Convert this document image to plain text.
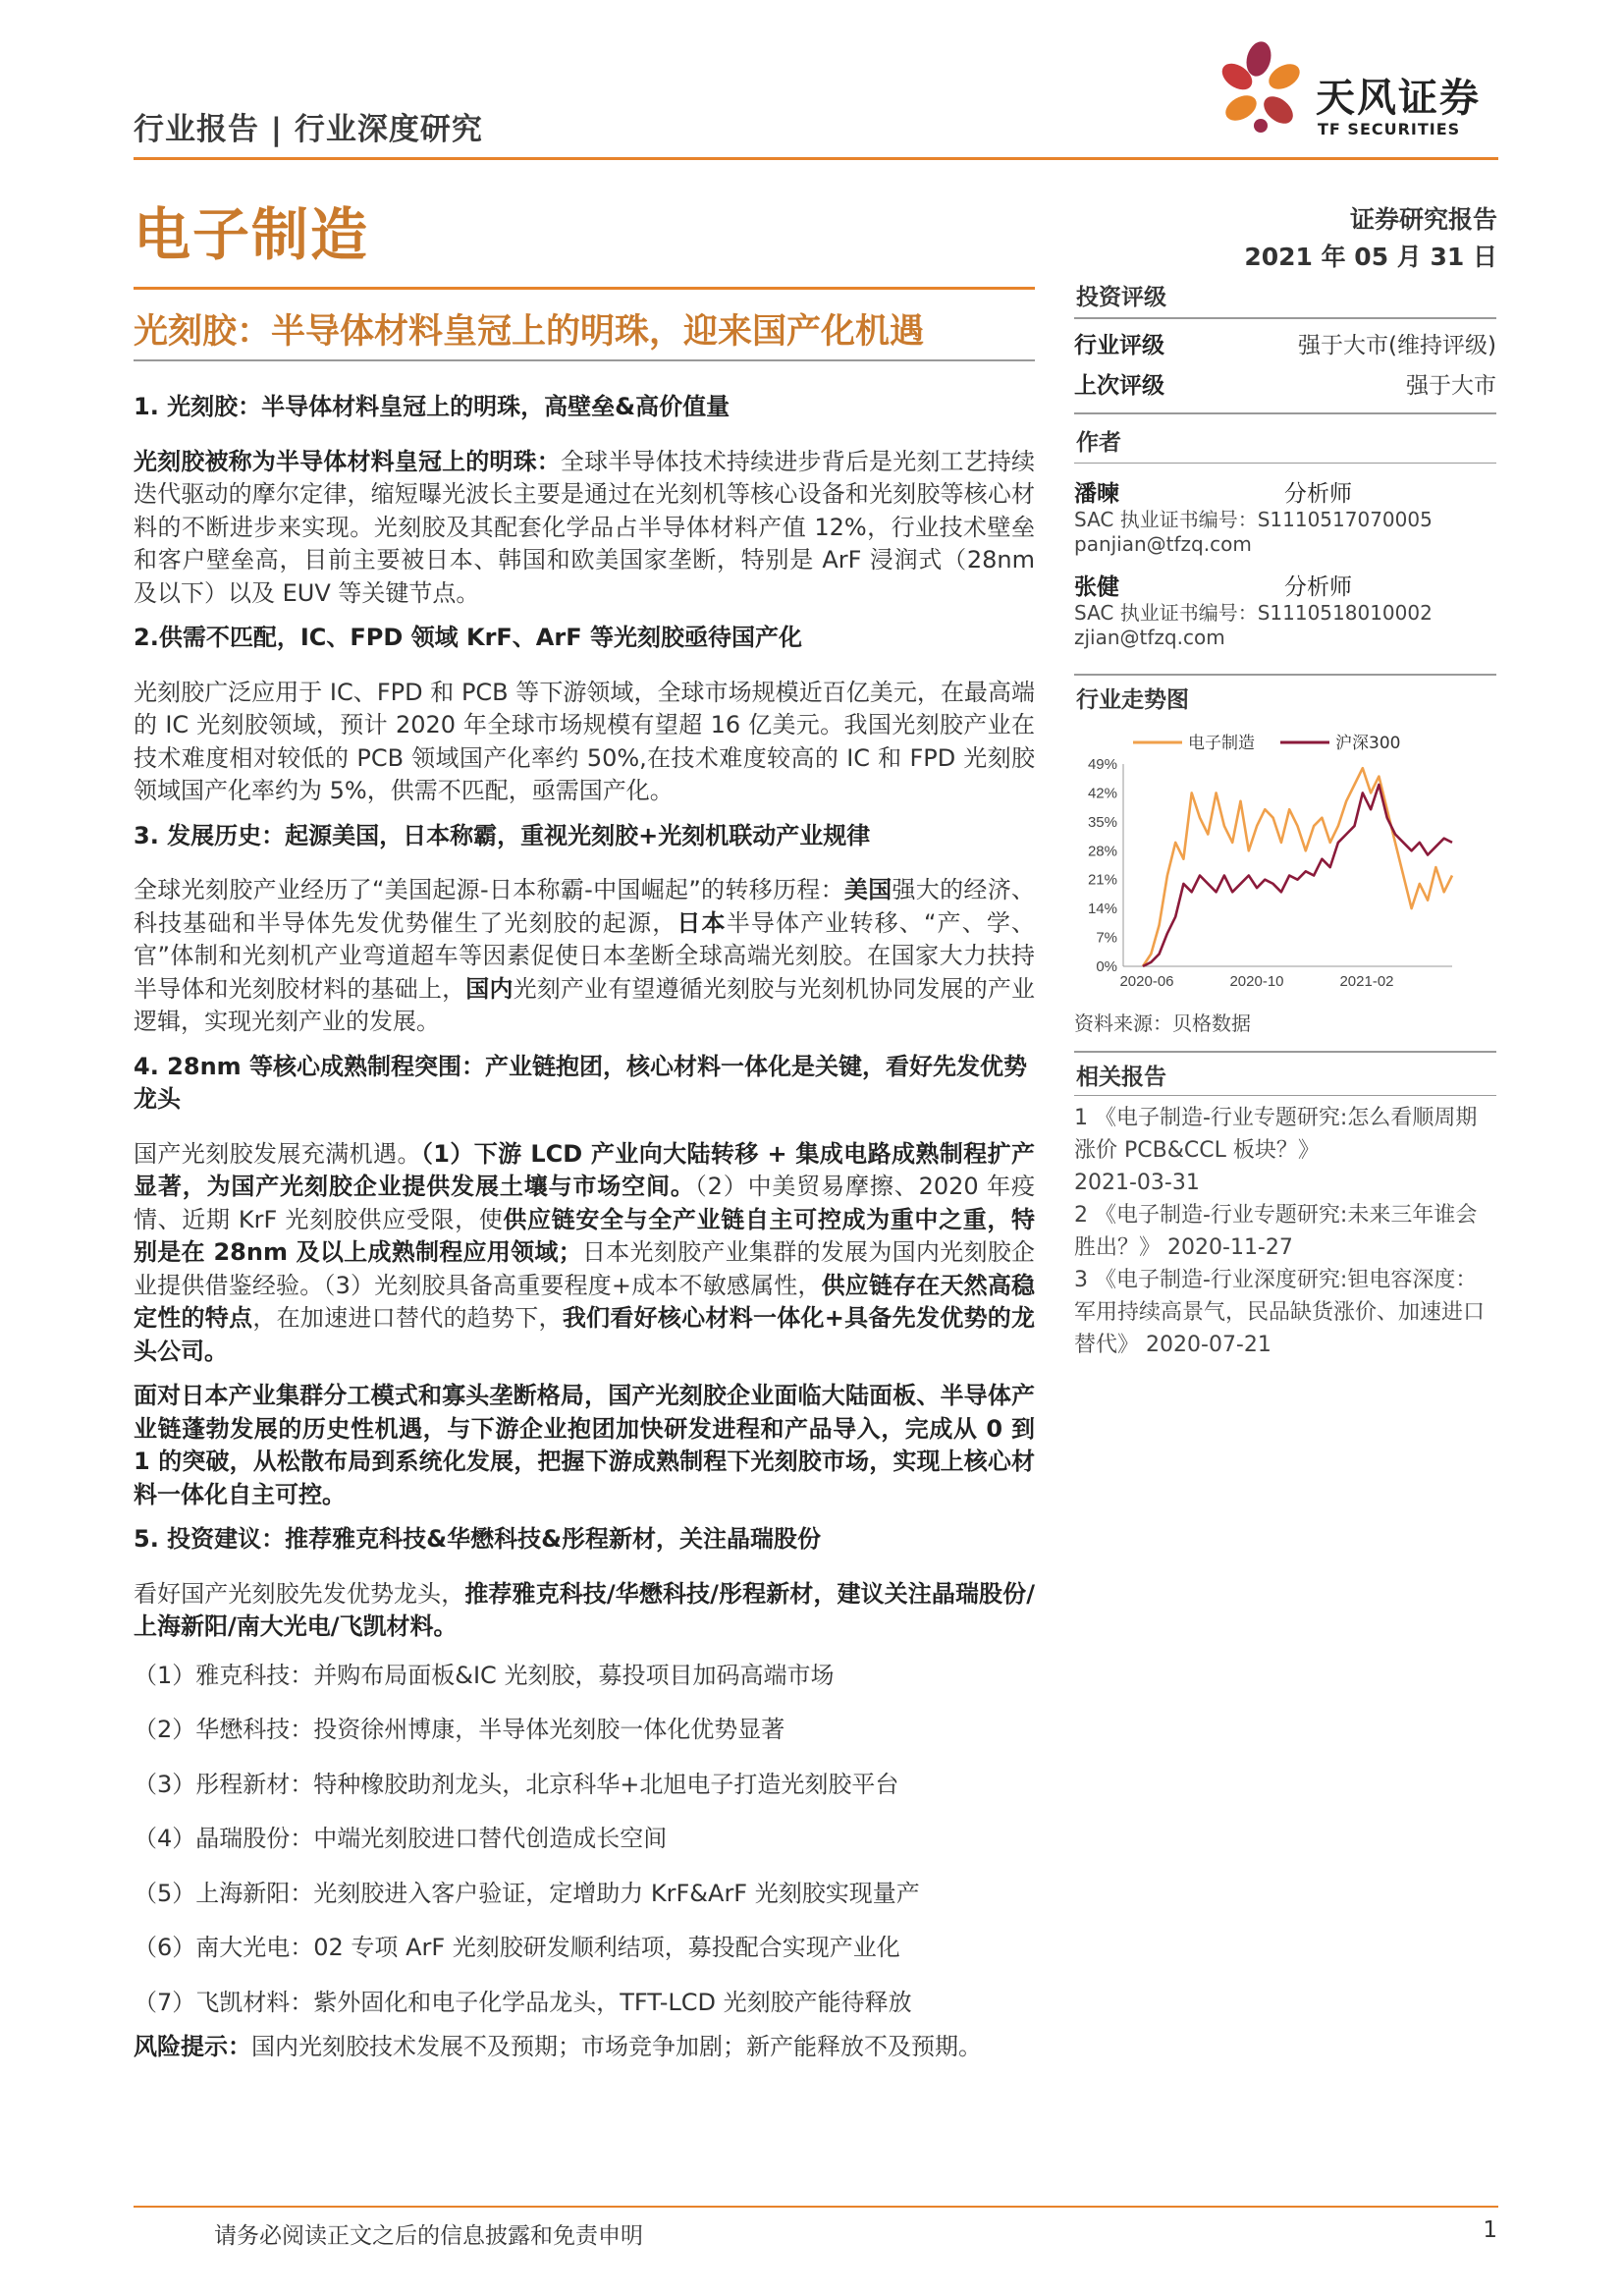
行业报告 | 行业深度研究
天风证券
TF SECURITIES
电子制造	证券研究报告
2021 年 05 月 31 日
光刻胶：半导体材料皇冠上的明珠，迎来国产化机遇
1. 光刻胶：半导体材料皇冠上的明珠，高壁垒&高价值量
光刻胶被称为半导体材料皇冠上的明珠：全球半导体技术持续进步背后是光刻工艺持续迭代驱动的摩尔定律，缩短曝光波长主要是通过在光刻机等核心设备和光刻胶等核心材料的不断进步来实现。光刻胶及其配套化学品占半导体材料产值 12%，行业技术壁垒和客户壁垒高，目前主要被日本、韩国和欧美国家垄断，特别是 ArF 浸润式（28nm 及以下）以及 EUV 等关键节点。
2.供需不匹配，IC、FPD 领域 KrF、ArF 等光刻胶亟待国产化
光刻胶广泛应用于 IC、FPD 和 PCB 等下游领域，全球市场规模近百亿美元，在最高端的 IC 光刻胶领域，预计 2020 年全球市场规模有望超 16 亿美元。我国光刻胶产业在技术难度相对较低的 PCB 领域国产化率约 50%,在技术难度较高的 IC 和 FPD 光刻胶领域国产化率约为 5%，供需不匹配，亟需国产化。
3. 发展历史：起源美国，日本称霸，重视光刻胶+光刻机联动产业规律
全球光刻胶产业经历了“美国起源-日本称霸-中国崛起”的转移历程：美国强大的经济、科技基础和半导体先发优势催生了光刻胶的起源，日本半导体产业转移、“产、学、官”体制和光刻机产业弯道超车等因素促使日本垄断全球高端光刻胶。在国家大力扶持半导体和光刻胶材料的基础上，国内光刻产业有望遵循光刻胶与光刻机协同发展的产业逻辑，实现光刻产业的发展。
4. 28nm 等核心成熟制程突围：产业链抱团，核心材料一体化是关键，看好先发优势龙头
国产光刻胶发展充满机遇。（1）下游 LCD 产业向大陆转移 + 集成电路成熟制程扩产显著，为国产光刻胶企业提供发展土壤与市场空间。（2）中美贸易摩擦、2020 年疫情、近期 KrF 光刻胶供应受限，使供应链安全与全产业链自主可控成为重中之重，特别是在 28nm 及以上成熟制程应用领域；日本光刻胶产业集群的发展为国内光刻胶企业提供借鉴经验。（3）光刻胶具备高重要程度+成本不敏感属性，供应链存在天然高稳定性的特点，在加速进口替代的趋势下，我们看好核心材料一体化+具备先发优势的龙头公司。
面对日本产业集群分工模式和寡头垄断格局，国产光刻胶企业面临大陆面板、半导体产业链蓬勃发展的历史性机遇，与下游企业抱团加快研发进程和产品导入，完成从 0 到 1 的突破，从松散布局到系统化发展，把握下游成熟制程下光刻胶市场，实现上核心材料一体化自主可控。
5. 投资建议：推荐雅克科技&华懋科技&彤程新材，关注晶瑞股份
看好国产光刻胶先发优势龙头，推荐雅克科技/华懋科技/彤程新材，建议关注晶瑞股份/上海新阳/南大光电/飞凯材料。
（1）雅克科技：并购布局面板&IC 光刻胶，募投项目加码高端市场
（2）华懋科技：投资徐州博康，半导体光刻胶一体化优势显著
（3）彤程新材：特种橡胶助剂龙头，北京科华+北旭电子打造光刻胶平台
（4）晶瑞股份：中端光刻胶进口替代创造成长空间
（5）上海新阳：光刻胶进入客户验证，定增助力 KrF&ArF 光刻胶实现量产
（6）南大光电：02 专项 ArF 光刻胶研发顺利结项，募投配合实现产业化
（7）飞凯材料：紫外固化和电子化学品龙头，TFT-LCD 光刻胶产能待释放
风险提示：国内光刻胶技术发展不及预期；市场竞争加剧；新产能释放不及预期。
投资评级
行业评级	强于大市(维持评级)
上次评级	强于大市
作者
潘暕	分析师
SAC 执业证书编号：S1110517070005
panjian@tfzq.com
张健	分析师
SAC 执业证书编号：S1110518010002
zjian@tfzq.com
行业走势图
电子制造	沪深300
0%
7%
14%
21%
28%
35%
42%
49%
2020-06	2020-10	2021-02
资料来源：贝格数据
相关报告
1 《电子制造-行业专题研究:怎么看顺周期涨价 PCB&CCL 板块？》
2021-03-31
2 《电子制造-行业专题研究:未来三年谁会胜出？》 2020-11-27
3 《电子制造-行业深度研究:钽电容深度：军用持续高景气，民品缺货涨价、加速进口替代》 2020-07-21
请务必阅读正文之后的信息披露和免责申明	1
